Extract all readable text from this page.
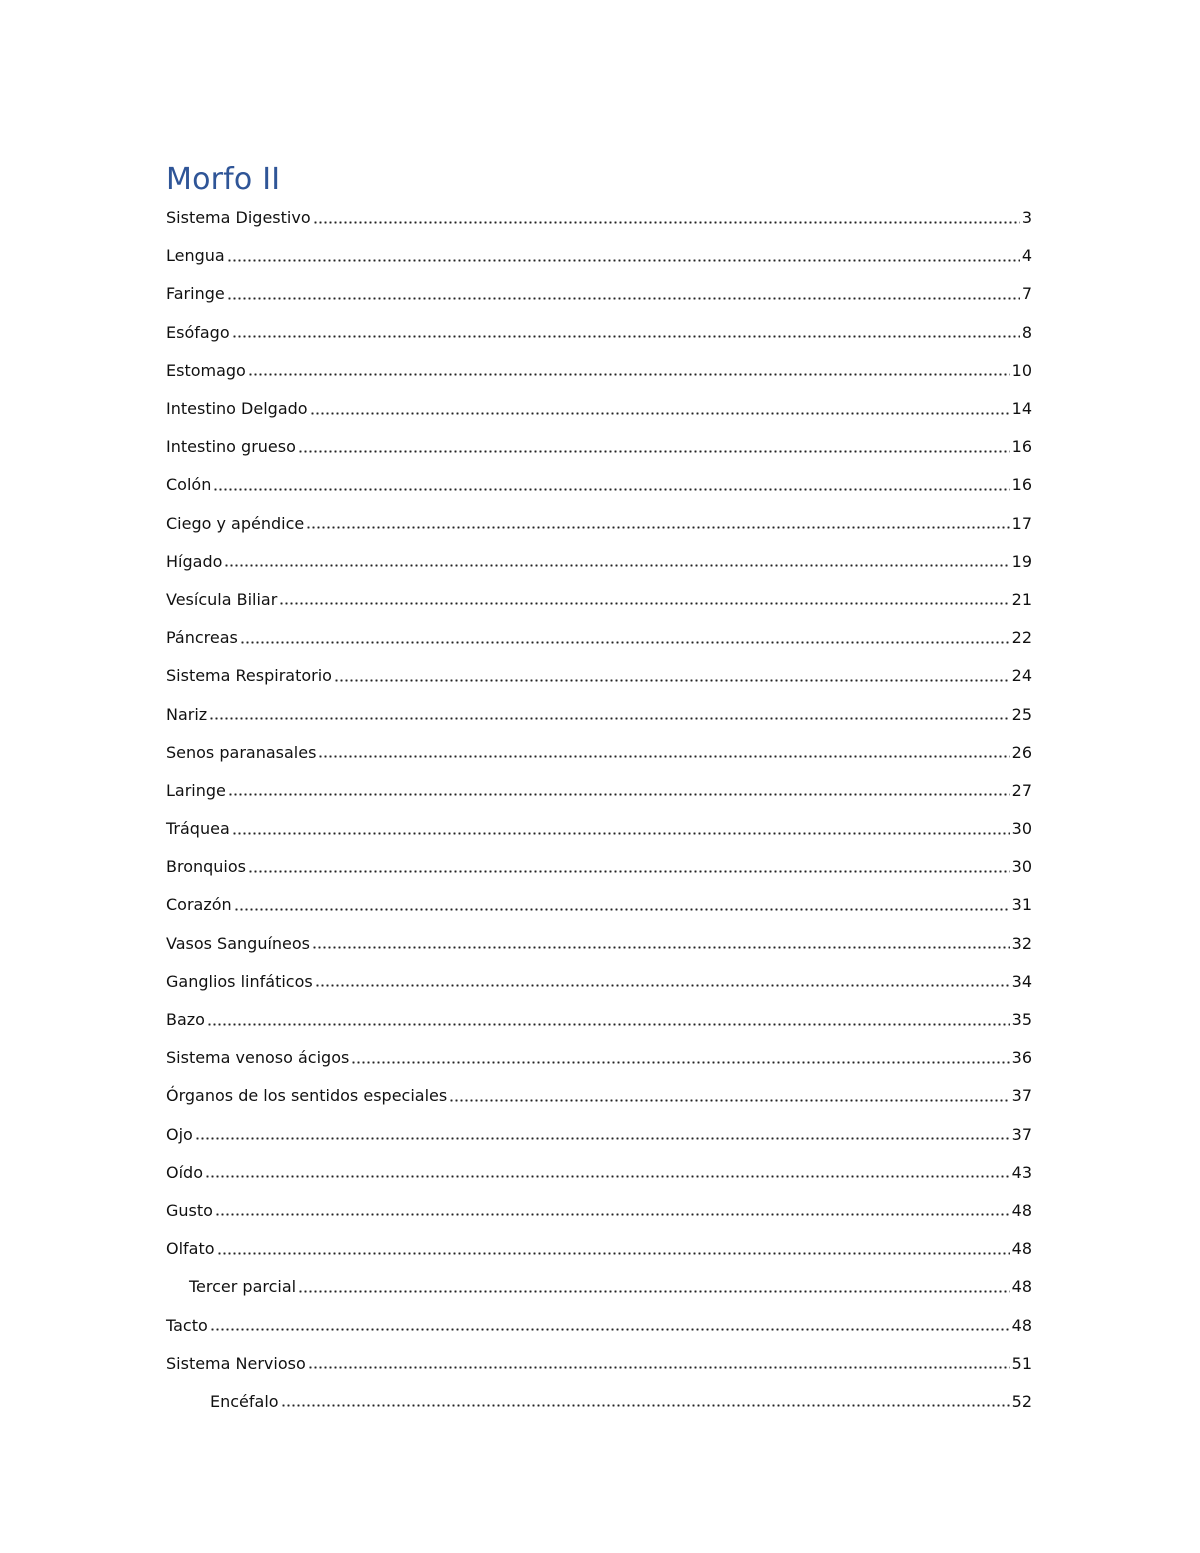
Morfo II
Sistema Digestivo	3
Lengua	4
Faringe	7
Esófago	8
Estomago	10
Intestino Delgado	14
Intestino grueso	16
Colón	16
Ciego y apéndice	17
Hígado	19
Vesícula Biliar	21
Páncreas	22
Sistema Respiratorio	24
Nariz	25
Senos paranasales	26
Laringe	27
Tráquea	30
Bronquios	30
Corazón	31
Vasos Sanguíneos	32
Ganglios linfáticos	34
Bazo	35
Sistema venoso ácigos	36
Órganos de los sentidos especiales	37
Ojo	37
Oído	43
Gusto	48
Olfato	48
Tercer parcial	48
Tacto	48
Sistema Nervioso	51
Encéfalo	52
